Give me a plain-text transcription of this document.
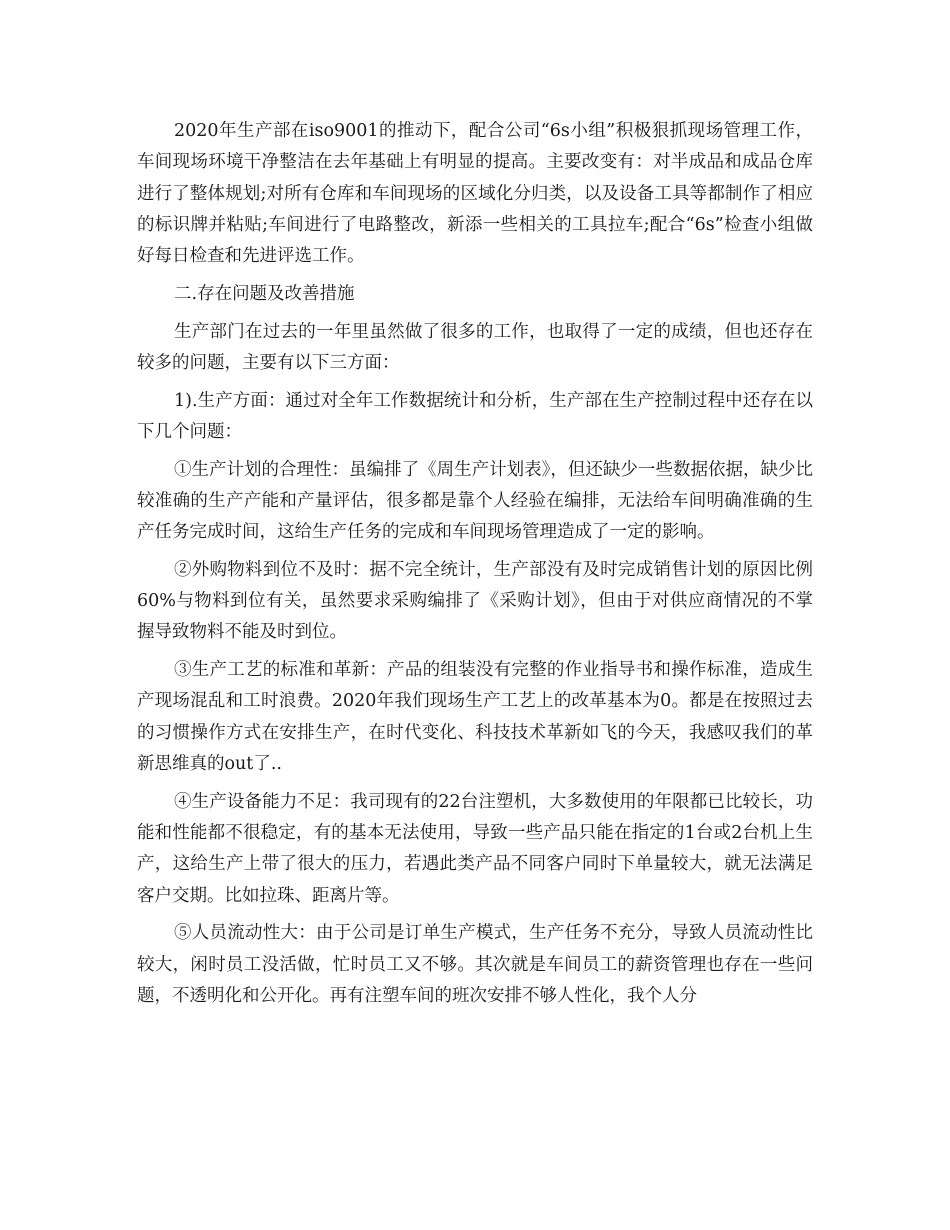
2020年生产部在iso9001的推动下，配合公司“6s小组”积极狠抓现场管理工作，车间现场环境干净整洁在去年基础上有明显的提高。主要改变有：对半成品和成品仓库进行了整体规划;对所有仓库和车间现场的区域化分归类，以及设备工具等都制作了相应的标识牌并粘贴;车间进行了电路整改，新添一些相关的工具拉车;配合“6s”检查小组做好每日检查和先进评选工作。

二.存在问题及改善措施

生产部门在过去的一年里虽然做了很多的工作，也取得了一定的成绩，但也还存在较多的问题，主要有以下三方面：

1).生产方面：通过对全年工作数据统计和分析，生产部在生产控制过程中还存在以下几个问题：

①生产计划的合理性：虽编排了《周生产计划表》，但还缺少一些数据依据，缺少比较准确的生产产能和产量评估，很多都是靠个人经验在编排，无法给车间明确准确的生产任务完成时间，这给生产任务的完成和车间现场管理造成了一定的影响。

②外购物料到位不及时：据不完全统计，生产部没有及时完成销售计划的原因比例60%与物料到位有关，虽然要求采购编排了《采购计划》，但由于对供应商情况的不掌握导致物料不能及时到位。

③生产工艺的标准和革新：产品的组装没有完整的作业指导书和操作标准，造成生产现场混乱和工时浪费。2020年我们现场生产工艺上的改革基本为0。都是在按照过去的习惯操作方式在安排生产，在时代变化、科技技术革新如飞的今天，我感叹我们的革新思维真的out了..

④生产设备能力不足：我司现有的22台注塑机，大多数使用的年限都已比较长，功能和性能都不很稳定，有的基本无法使用，导致一些产品只能在指定的1台或2台机上生产，这给生产上带了很大的压力，若遇此类产品不同客户同时下单量较大，就无法满足客户交期。比如拉珠、距离片等。

⑤人员流动性大：由于公司是订单生产模式，生产任务不充分，导致人员流动性比较大，闲时员工没活做，忙时员工又不够。其次就是车间员工的薪资管理也存在一些问题，不透明化和公开化。再有注塑车间的班次安排不够人性化，我个人分
